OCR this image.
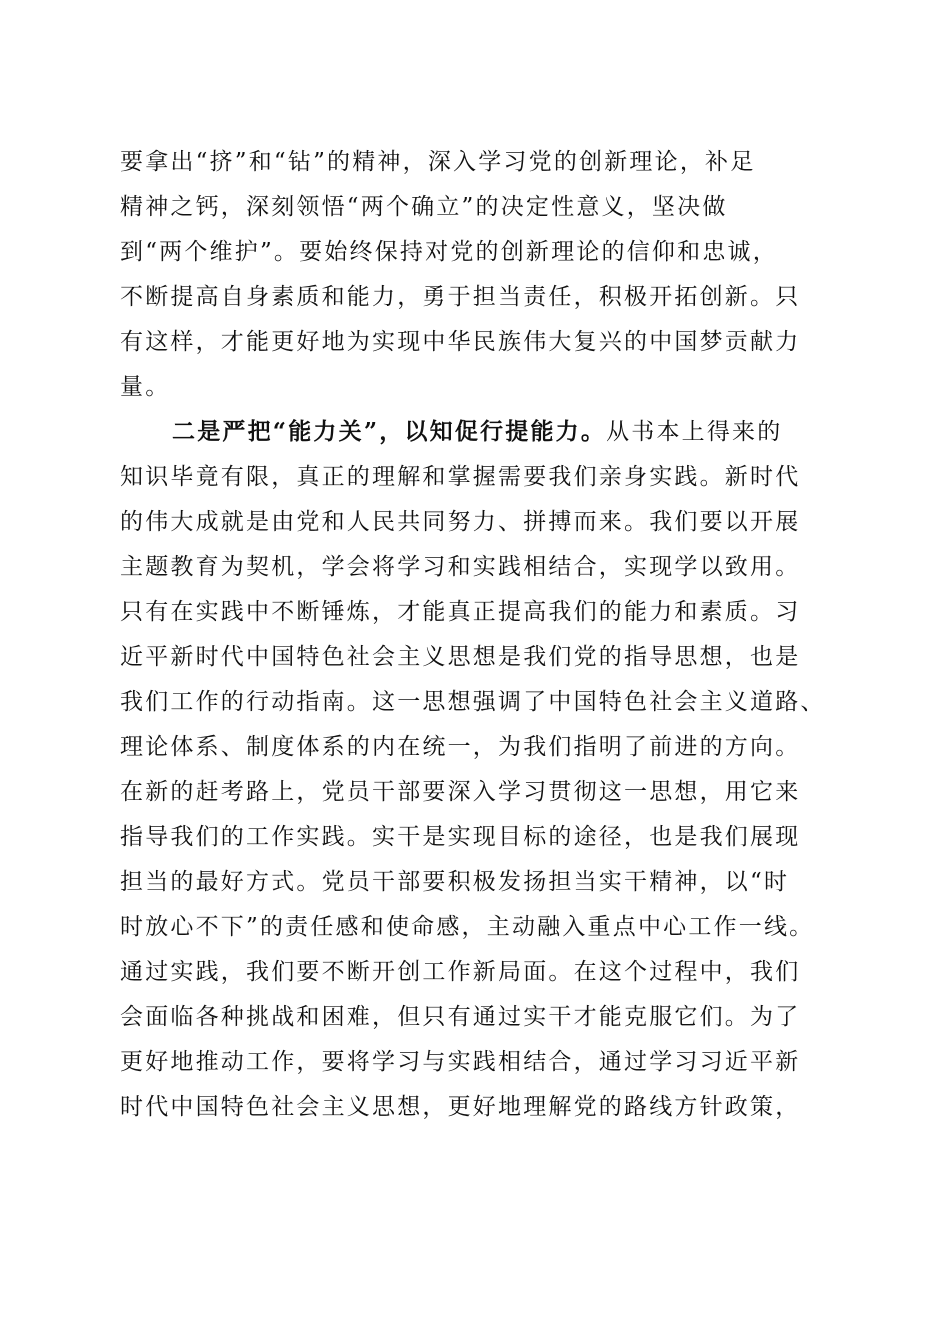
要拿出“挤”和“钻”的精神，深入学习党的创新理论，补足
精神之钙，深刻领悟“两个确立”的决定性意义，坚决做
到“两个维护”。要始终保持对党的创新理论的信仰和忠诚，
不断提高自身素质和能力，勇于担当责任，积极开拓创新。只
有这样，才能更好地为实现中华民族伟大复兴的中国梦贡献力
量。
二是严把“能力关”，以知促行提能力。从书本上得来的
知识毕竟有限，真正的理解和掌握需要我们亲身实践。新时代
的伟大成就是由党和人民共同努力、拼搏而来。我们要以开展
主题教育为契机，学会将学习和实践相结合，实现学以致用。
只有在实践中不断锤炼，才能真正提高我们的能力和素质。习
近平新时代中国特色社会主义思想是我们党的指导思想，也是
我们工作的行动指南。这一思想强调了中国特色社会主义道路、
理论体系、制度体系的内在统一，为我们指明了前进的方向。
在新的赶考路上，党员干部要深入学习贯彻这一思想，用它来
指导我们的工作实践。实干是实现目标的途径，也是我们展现
担当的最好方式。党员干部要积极发扬担当实干精神，以“时
时放心不下”的责任感和使命感，主动融入重点中心工作一线。
通过实践，我们要不断开创工作新局面。在这个过程中，我们
会面临各种挑战和困难，但只有通过实干才能克服它们。为了
更好地推动工作，要将学习与实践相结合，通过学习习近平新
时代中国特色社会主义思想，更好地理解党的路线方针政策，
